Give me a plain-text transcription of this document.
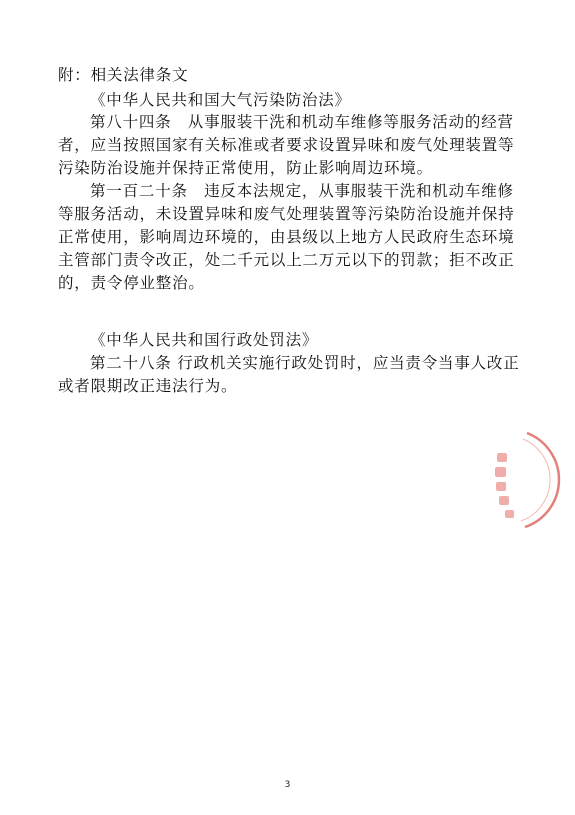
附：相关法律条文
《中华人民共和国大气污染防治法》
第八十四条　从事服装干洗和机动车维修等服务活动的经营
者，应当按照国家有关标准或者要求设置异味和废气处理装置等
污染防治设施并保持正常使用，防止影响周边环境。
第一百二十条　违反本法规定，从事服装干洗和机动车维修
等服务活动，未设置异味和废气处理装置等污染防治设施并保持
正常使用，影响周边环境的，由县级以上地方人民政府生态环境
主管部门责令改正，处二千元以上二万元以下的罚款；拒不改正
的，责令停业整治。
《中华人民共和国行政处罚法》
第二十八条 行政机关实施行政处罚时，应当责令当事人改正
或者限期改正违法行为。
3
